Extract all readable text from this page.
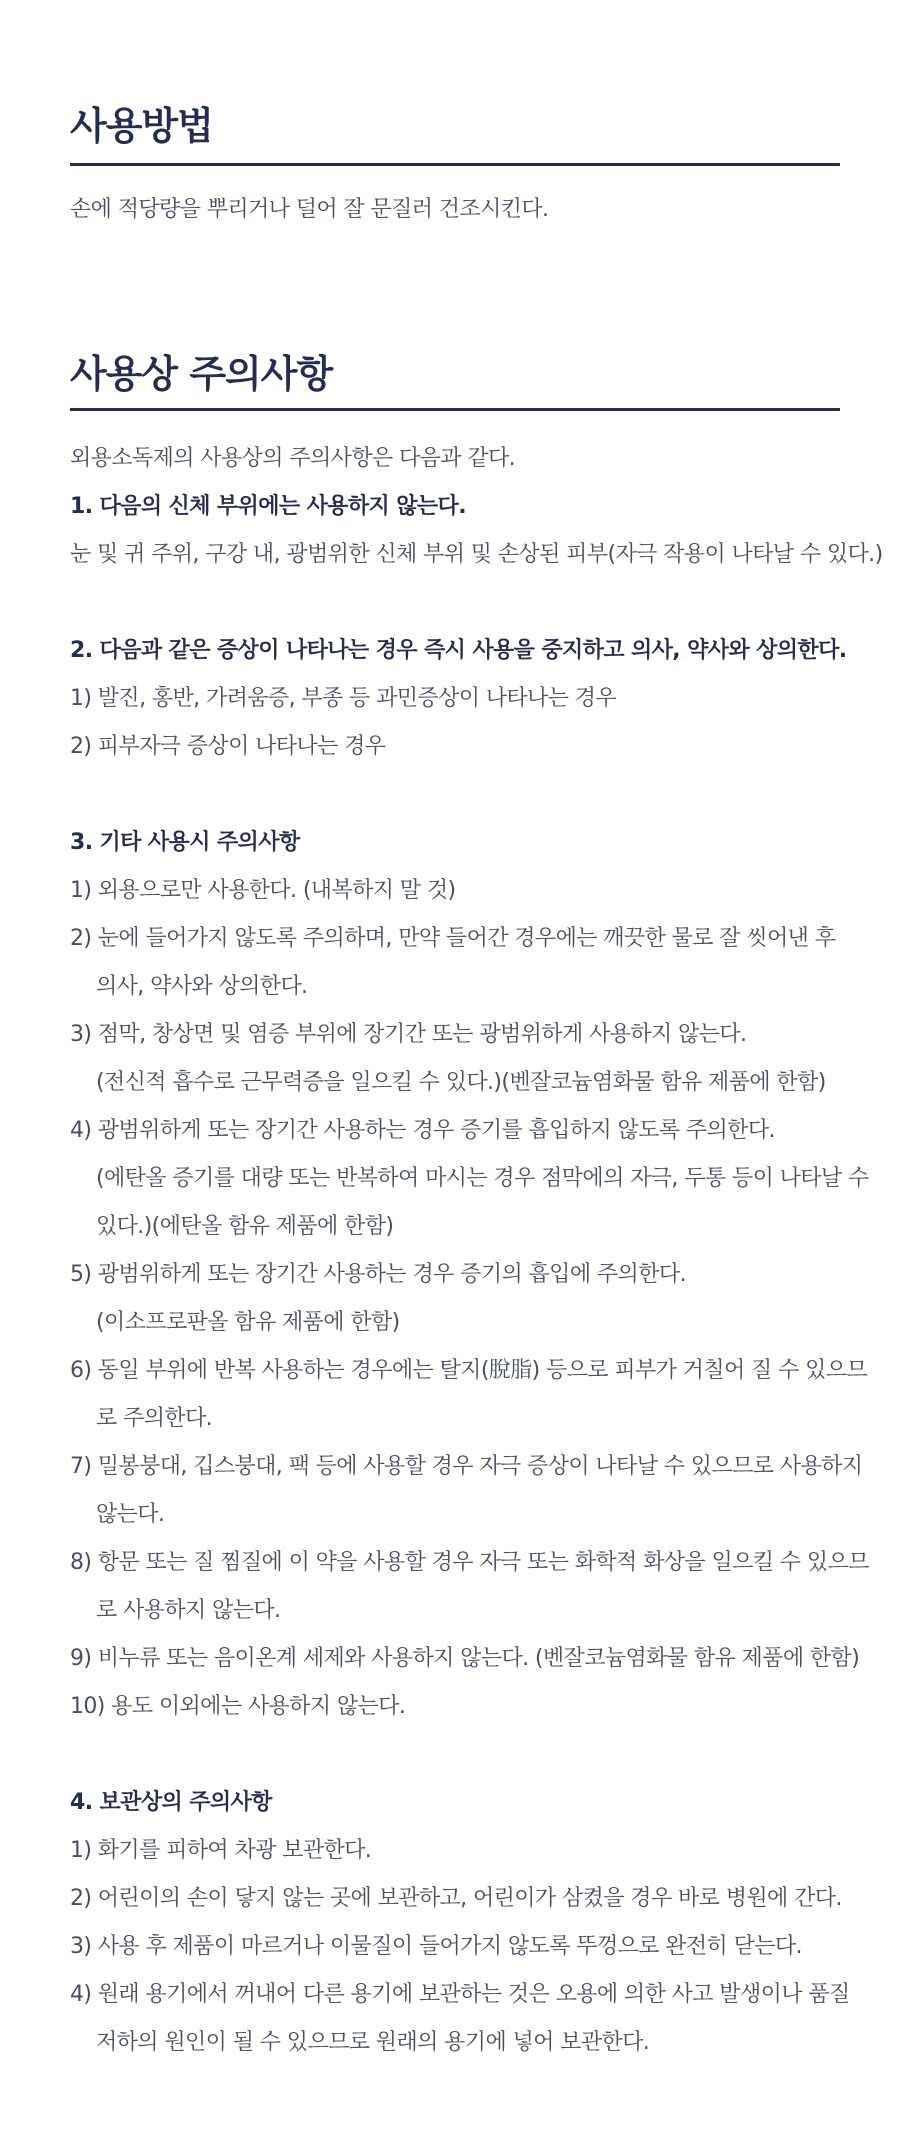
사용방법
손에 적당량을 뿌리거나 덜어 잘 문질러 건조시킨다.
사용상 주의사항
외용소독제의 사용상의 주의사항은 다음과 같다.
1. 다음의 신체 부위에는 사용하지 않는다.
눈 및 귀 주위, 구강 내, 광범위한 신체 부위 및 손상된 피부(자극 작용이 나타날 수 있다.)
2. 다음과 같은 증상이 나타나는 경우 즉시 사용을 중지하고 의사, 약사와 상의한다.
1) 발진, 홍반, 가려움증, 부종 등 과민증상이 나타나는 경우
2) 피부자극 증상이 나타나는 경우
3. 기타 사용시 주의사항
1) 외용으로만 사용한다. (내복하지 말 것)
2) 눈에 들어가지 않도록 주의하며, 만약 들어간 경우에는 깨끗한 물로 잘 씻어낸 후
의사, 약사와 상의한다.
3) 점막, 창상면 및 염증 부위에 장기간 또는 광범위하게 사용하지 않는다.
(전신적 흡수로 근무력증을 일으킬 수 있다.)(벤잘코늄염화물 함유 제품에 한함)
4) 광범위하게 또는 장기간 사용하는 경우 증기를 흡입하지 않도록 주의한다.
(에탄올 증기를 대량 또는 반복하여 마시는 경우 점막에의 자극, 두통 등이 나타날 수
있다.)(에탄올 함유 제품에 한함)
5) 광범위하게 또는 장기간 사용하는 경우 증기의 흡입에 주의한다.
(이소프로판올 함유 제품에 한함)
6) 동일 부위에 반복 사용하는 경우에는 탈지(脫脂) 등으로 피부가 거칠어 질 수 있으므
로 주의한다.
7) 밀봉붕대, 깁스붕대, 팩 등에 사용할 경우 자극 증상이 나타날 수 있으므로 사용하지
않는다.
8) 항문 또는 질 찜질에 이 약을 사용할 경우 자극 또는 화학적 화상을 일으킬 수 있으므
로 사용하지 않는다.
9) 비누류 또는 음이온계 세제와 사용하지 않는다. (벤잘코늄염화물 함유 제품에 한함)
10) 용도 이외에는 사용하지 않는다.
4. 보관상의 주의사항
1) 화기를 피하여 차광 보관한다.
2) 어린이의 손이 닿지 않는 곳에 보관하고, 어린이가 삼켰을 경우 바로 병원에 간다.
3) 사용 후 제품이 마르거나 이물질이 들어가지 않도록 뚜껑으로 완전히 닫는다.
4) 원래 용기에서 꺼내어 다른 용기에 보관하는 것은 오용에 의한 사고 발생이나 품질
저하의 원인이 될 수 있으므로 원래의 용기에 넣어 보관한다.
